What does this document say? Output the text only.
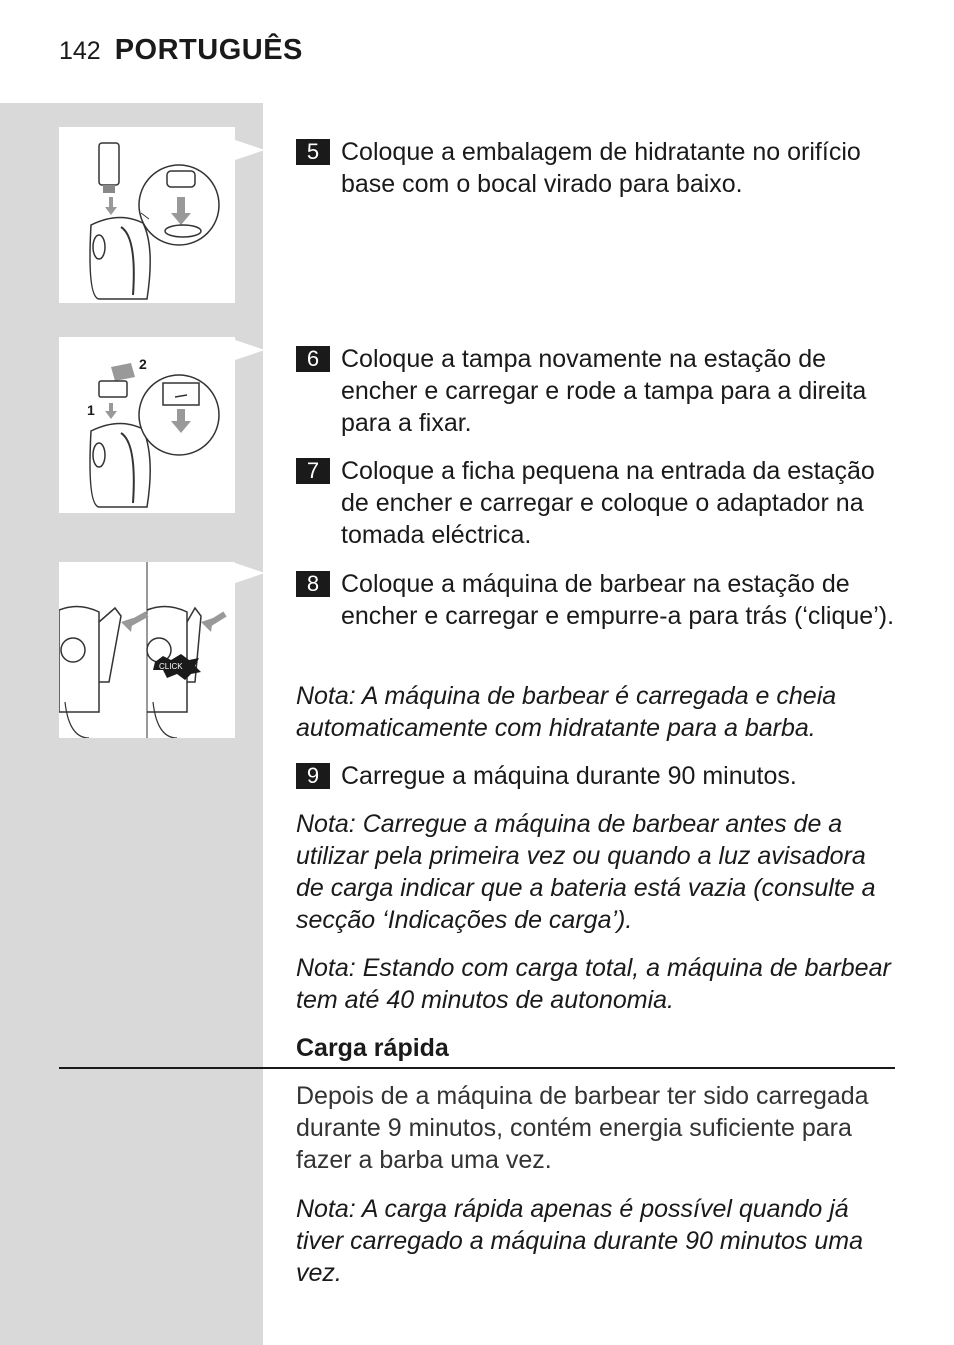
142 PORTUGUÊS
2
1
CLICK
5 Coloque a embalagem de hidratante no orifício base com o bocal virado para baixo.
6 Coloque a tampa novamente na estação de encher e carregar e rode a tampa para a direita para a fixar.
7 Coloque a ficha pequena na entrada da estação de encher e carregar e coloque o adaptador na tomada eléctrica.
8 Coloque a máquina de barbear na estação de encher e carregar e empurre-a para trás (‘clique’).
Nota: A máquina de barbear é carregada e cheia automaticamente com hidratante para a barba.
9 Carregue a máquina durante 90 minutos.
Nota: Carregue a máquina de barbear antes de a utilizar pela primeira vez ou quando a luz avisadora de carga indicar que a bateria está vazia (consulte a secção ‘Indicações de carga’).
Nota: Estando com carga total, a máquina de barbear tem até 40 minutos de autonomia.
Carga rápida
Depois de a máquina de barbear ter sido carregada durante 9 minutos, contém energia suficiente para fazer a barba uma vez.
Nota: A carga rápida apenas é possível quando já tiver carregado a máquina durante 90 minutos uma vez.
